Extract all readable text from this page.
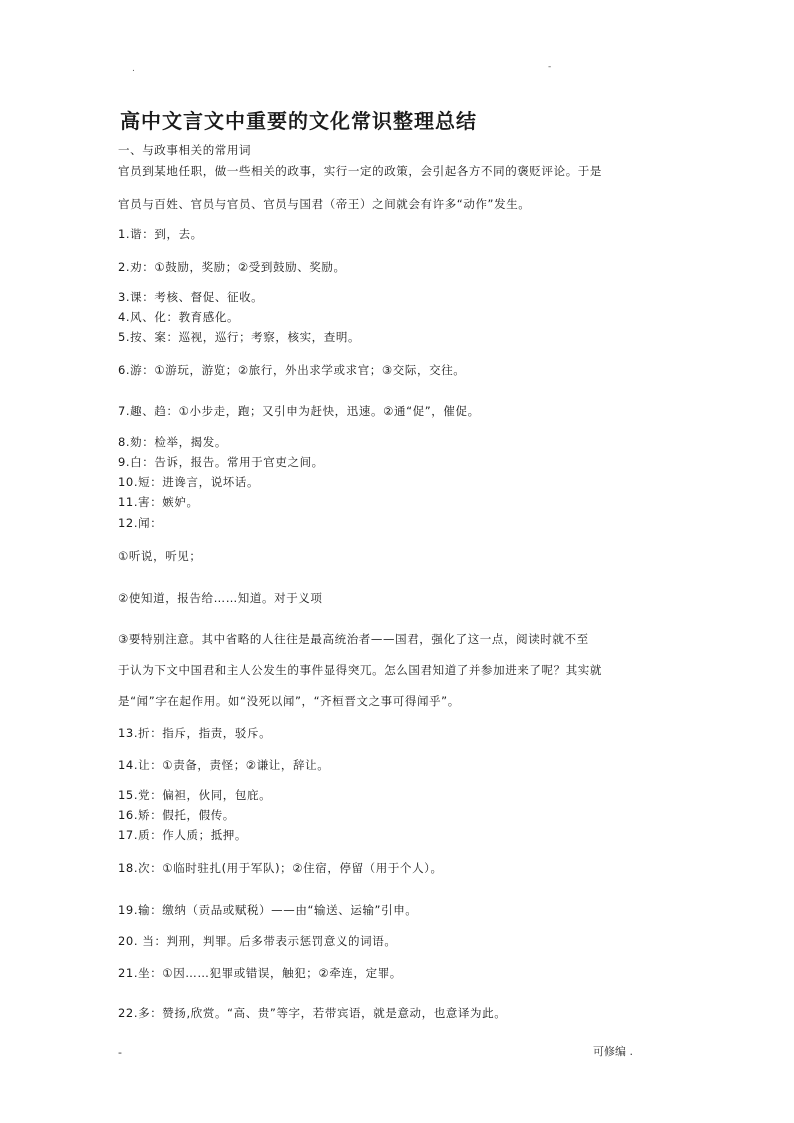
.	-
高中文言文中重要的文化常识整理总结
一、与政事相关的常用词
官员到某地任职，做一些相关的政事，实行一定的政策，会引起各方不同的褒贬评论。于是
官员与百姓、官员与官员、官员与国君（帝王）之间就会有许多“动作”发生。
1.谐：到，去。
2.劝：①鼓励，奖励；②受到鼓励、奖励。
3.课：考核、督促、征收。
4.风、化：教育感化。
5.按、案：巡视，巡行；考察，核实，查明。
6.游：①游玩，游览；②旅行，外出求学或求官；③交际，交往。
7.趣、趋：①小步走，跑；又引申为赶快，迅速。②通“促”，催促。
8.劾：检举，揭发。
9.白：告诉，报告。常用于官吏之间。
10.短：进谗言，说坏话。
11.害：嫉妒。
12.闻：
①听说，听见；
②使知道，报告给……知道。对于义项
③要特别注意。其中省略的人往往是最高统治者——国君，强化了这一点，阅读时就不至
于认为下文中国君和主人公发生的事件显得突兀。怎么国君知道了并参加进来了呢？其实就
是“闻”字在起作用。如“没死以闻”，“齐桓晋文之事可得闻乎”。
13.折：指斥，指责，驳斥。
14.让：①责备，责怪；②谦让，辞让。
15.党：偏袒，伙同，包庇。
16.矫：假托，假传。
17.质：作人质；抵押。
18.次：①临时驻扎(用于军队)；②住宿，停留（用于个人）。
19.输：缴纳（贡品或赋税）——由“输送、运输”引申。
20. 当：判刑，判罪。后多带表示惩罚意义的词语。
21.坐：①因……犯罪或错误，触犯；②牵连，定罪。
22.多：赞扬,欣赏。“高、贵”等字，若带宾语，就是意动，也意译为此。
-	可修编 .
